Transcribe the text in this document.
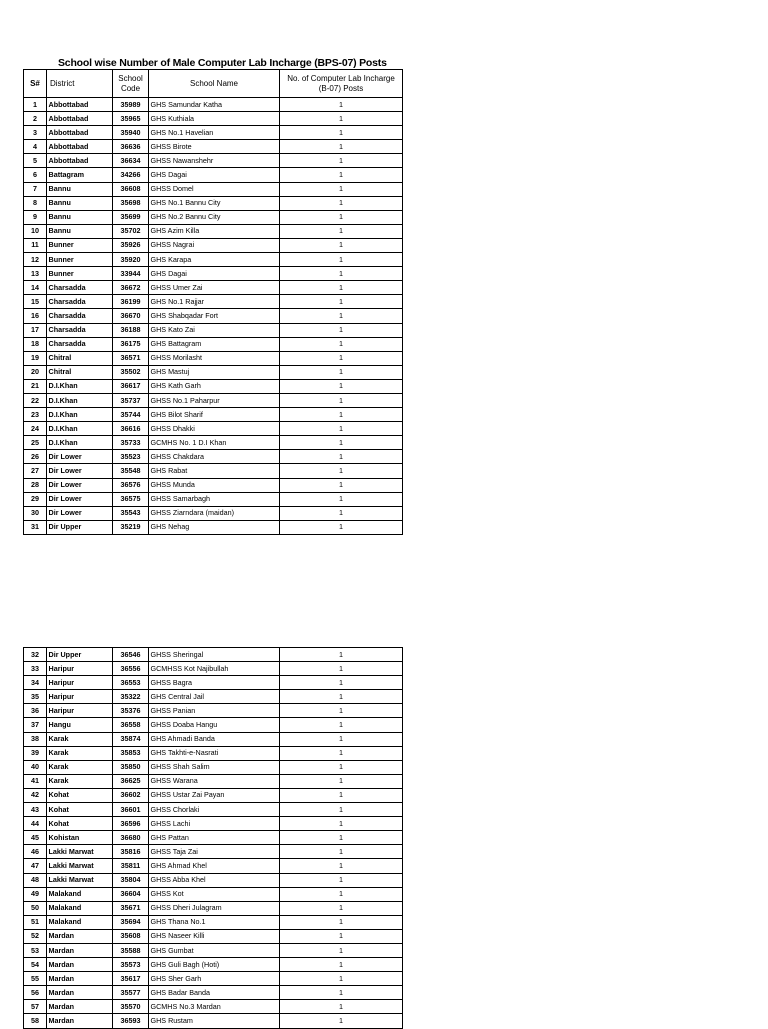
School wise Number of Male Computer Lab Incharge (BPS-07) Posts
S#	District	School Code	School Name	No. of Computer Lab Incharge (B-07) Posts
1	Abbottabad	35989	GHS Samundar Katha	1
2	Abbottabad	35965	GHS Kuthiala	1
3	Abbottabad	35940	GHS No.1 Havelian	1
4	Abbottabad	36636	GHSS Birote	1
5	Abbottabad	36634	GHSS Nawanshehr	1
6	Battagram	34266	GHS Dagai	1
7	Bannu	36608	GHSS Domel	1
8	Bannu	35698	GHS No.1 Bannu City	1
9	Bannu	35699	GHS No.2 Bannu City	1
10	Bannu	35702	GHS Azim Killa	1
11	Bunner	35926	GHSS Nagrai	1
12	Bunner	35920	GHS Karapa	1
13	Bunner	33944	GHS Dagai	1
14	Charsadda	36672	GHSS Umer Zai	1
15	Charsadda	36199	GHS No.1 Rajjar	1
16	Charsadda	36670	GHS Shabqadar Fort	1
17	Charsadda	36188	GHS Kato Zai	1
18	Charsadda	36175	GHS Battagram	1
19	Chitral	36571	GHSS Morilasht	1
20	Chitral	35502	GHS Mastuj	1
21	D.I.Khan	36617	GHS Kath Garh	1
22	D.I.Khan	35737	GHSS No.1 Paharpur	1
23	D.I.Khan	35744	GHS Bilot Sharif	1
24	D.I.Khan	36616	GHSS Dhakki	1
25	D.I.Khan	35733	GCMHS No. 1 D.I Khan	1
26	Dir Lower	35523	GHSS Chakdara	1
27	Dir Lower	35548	GHS Rabat	1
28	Dir Lower	36576	GHSS Munda	1
29	Dir Lower	36575	GHSS Samarbagh	1
30	Dir Lower	35543	GHSS Ziarndara (maidan)	1
31	Dir Upper	35219	GHS Nehag	1
32	Dir Upper	36546	GHSS Sheringal	1
33	Haripur	36556	GCMHSS Kot Najibullah	1
34	Haripur	36553	GHSS Bagra	1
35	Haripur	35322	GHS Central Jail	1
36	Haripur	35376	GHSS Panian	1
37	Hangu	36558	GHSS Doaba Hangu	1
38	Karak	35874	GHS Ahmadi Banda	1
39	Karak	35853	GHS Takhti-e-Nasrati	1
40	Karak	35850	GHSS Shah Salim	1
41	Karak	36625	GHSS Warana	1
42	Kohat	36602	GHSS Ustar Zai Payan	1
43	Kohat	36601	GHSS Chorlaki	1
44	Kohat	36596	GHSS Lachi	1
45	Kohistan	36680	GHS Pattan	1
46	Lakki Marwat	35816	GHSS Taja Zai	1
47	Lakki Marwat	35811	GHS Ahmad Khel	1
48	Lakki Marwat	35804	GHSS Abba Khel	1
49	Malakand	36604	GHSS Kot	1
50	Malakand	35671	GHSS Dheri Julagram	1
51	Malakand	35694	GHS Thana No.1	1
52	Mardan	35608	GHS Naseer Killi	1
53	Mardan	35588	GHS Gumbat	1
54	Mardan	35573	GHS Guli Bagh (Hoti)	1
55	Mardan	35617	GHS Sher Garh	1
56	Mardan	35577	GHS Badar Banda	1
57	Mardan	35570	GCMHS No.3 Mardan	1
58	Mardan	36593	GHS Rustam	1
